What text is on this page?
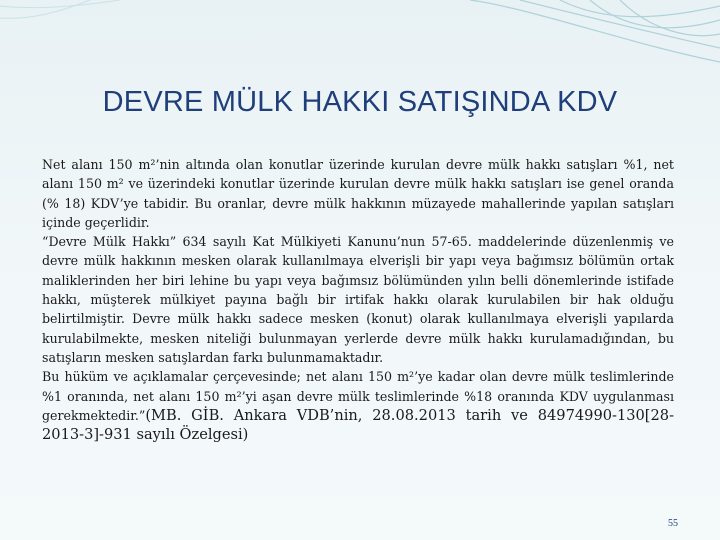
DEVRE MÜLK HAKKI SATIŞINDA KDV

Net alanı 150 m²’nin altında olan konutlar üzerinde kurulan devre mülk hakkı satışları %1, net alanı 150 m² ve üzerindeki konutlar üzerinde kurulan devre mülk hakkı satışları ise genel oranda (% 18) KDV’ye tabidir. Bu oranlar, devre mülk hakkının müzayede mahallerinde yapılan satışları içinde geçerlidir.

“Devre Mülk Hakkı” 634 sayılı Kat Mülkiyeti Kanunu’nun 57-65. maddelerinde düzenlenmiş ve devre mülk hakkının mesken olarak kullanılmaya elverişli bir yapı veya bağımsız bölümün ortak maliklerinden her biri lehine bu yapı veya bağımsız bölümünden yılın belli dönemlerinde istifade hakkı, müşterek mülkiyet payına bağlı bir irtifak hakkı olarak kurulabilen bir hak olduğu belirtilmiştir. Devre mülk hakkı sadece mesken (konut) olarak kullanılmaya elverişli yapılarda kurulabilmekte, mesken niteliği bulunmayan yerlerde devre mülk hakkı kurulamadığından, bu satışların mesken satışlardan farkı bulunmamaktadır.

Bu hüküm ve açıklamalar çerçevesinde; net alanı 150 m²’ye kadar olan devre mülk teslimlerinde %1 oranında, net alanı 150 m²’yi aşan devre mülk teslimlerinde %18 oranında KDV uygulanması gerekmektedir.”(MB. GİB. Ankara VDB’nin, 28.08.2013 tarih ve 84974990-130[28-2013-3]-931 sayılı Özelgesi)

55
